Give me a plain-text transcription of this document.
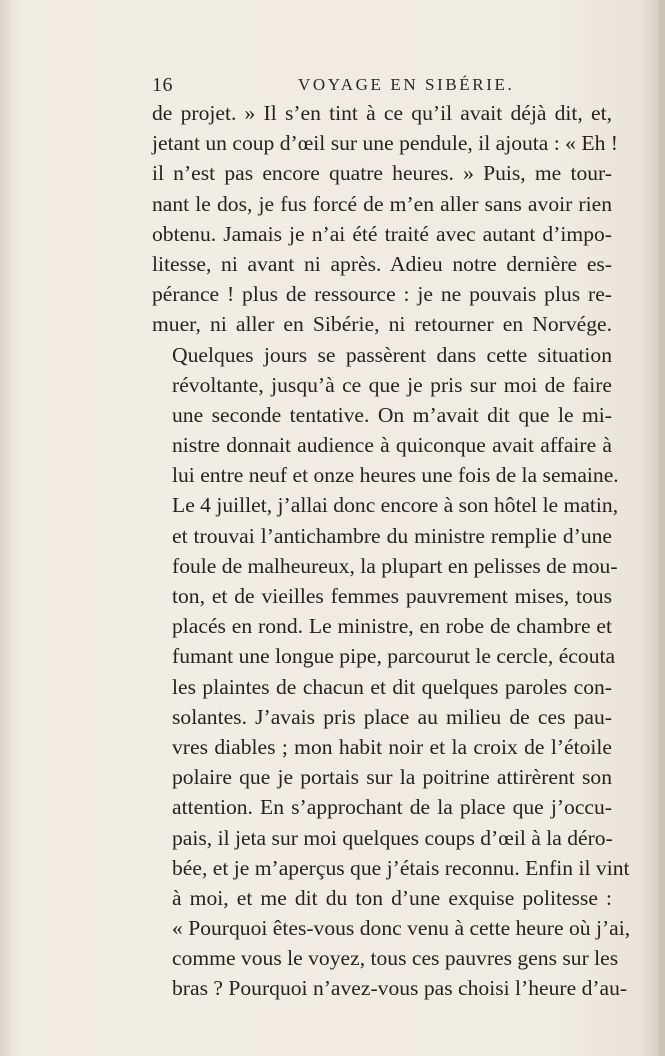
16	VOYAGE EN SIBÉRIE.

de projet. » Il s’en tint à ce qu’il avait déjà dit, et,
jetant un coup d’œil sur une pendule, il ajouta : « Eh !
il n’est pas encore quatre heures. » Puis, me tour-
nant le dos, je fus forcé de m’en aller sans avoir rien
obtenu. Jamais je n’ai été traité avec autant d’impo-
litesse, ni avant ni après. Adieu notre dernière es-
pérance ! plus de ressource : je ne pouvais plus re-
muer, ni aller en Sibérie, ni retourner en Norvége.

Quelques jours se passèrent dans cette situation
révoltante, jusqu’à ce que je pris sur moi de faire
une seconde tentative. On m’avait dit que le mi-
nistre donnait audience à quiconque avait affaire à
lui entre neuf et onze heures une fois de la semaine.
Le 4 juillet, j’allai donc encore à son hôtel le matin,
et trouvai l’antichambre du ministre remplie d’une
foule de malheureux, la plupart en pelisses de mou-
ton, et de vieilles femmes pauvrement mises, tous
placés en rond. Le ministre, en robe de chambre et
fumant une longue pipe, parcourut le cercle, écouta
les plaintes de chacun et dit quelques paroles con-
solantes. J’avais pris place au milieu de ces pau-
vres diables ; mon habit noir et la croix de l’étoile
polaire que je portais sur la poitrine attirèrent son
attention. En s’approchant de la place que j’occu-
pais, il jeta sur moi quelques coups d’œil à la déro-
bée, et je m’aperçus que j’étais reconnu. Enfin il vint
à moi, et me dit du ton d’une exquise politesse :
« Pourquoi êtes-vous donc venu à cette heure où j’ai,
comme vous le voyez, tous ces pauvres gens sur les
bras ? Pourquoi n’avez-vous pas choisi l’heure d’au-
